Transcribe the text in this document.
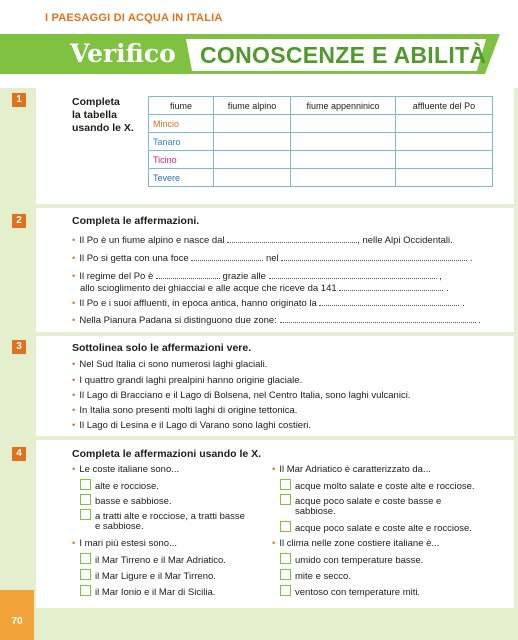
I PAESAGGI DI ACQUA IN ITALIA
Verifico CONOSCENZE E ABILITÀ
1	Completa
la tabella
usando le X.
fiume	fiume alpino	fiume appenninico	affluente del Po
Mincio			
Tanaro			
Ticino			
Tevere			
2	Completa le affermazioni.
• Il Po è un fiume alpino e nasce dal	, nelle Alpi Occidentali.
• Il Po si getta con una foce	nel	.
• Il regime del Po è	grazie alle	,
allo scioglimento dei ghiacciai e alle acque che riceve da 141	.
• Il Po e i suoi affluenti, in epoca antica, hanno originato la	.
• Nella Pianura Padana si distinguono due zone:	.
3	Sottolinea solo le affermazioni vere.
• Nel Sud Italia ci sono numerosi laghi glaciali.
• I quattro grandi laghi prealpini hanno origine glaciale.
• Il Lago di Bracciano e il Lago di Bolsena, nel Centro Italia, sono laghi vulcanici.
• In Italia sono presenti molti laghi di origine tettonica.
• Il Lago di Lesina e il Lago di Varano sono laghi costieri.
4	Completa le affermazioni usando le X.
• Le coste italiane sono...
alte e rocciose.
basse e sabbiose.
a tratti alte e rocciose, a tratti basse
e sabbiose.
• I mari più estesi sono...
il Mar Tirreno e il Mar Adriatico.
il Mar Ligure e il Mar Tirreno.
il Mar Ionio e il Mar di Sicilia.
• Il Mar Adriatico è caratterizzato da...
acque molto salate e coste alte e rocciose.
acque poco salate e coste basse e
sabbiose.
acque poco salate e coste alte e rocciose.
• Il clima nelle zone costiere italiane è...
umido con temperature basse.
mite e secco.
ventoso con temperature miti.
70
